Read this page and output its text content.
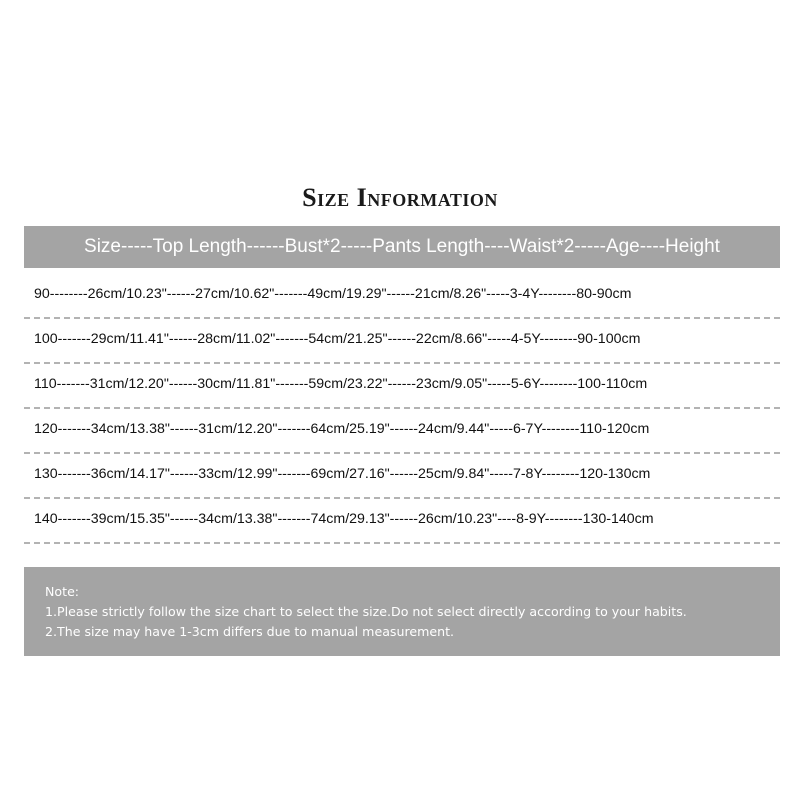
Size Information
Size-----Top Length------Bust*2-----Pants Length----Waist*2-----Age----Height
90--------26cm/10.23"------27cm/10.62"-------49cm/19.29"------21cm/8.26"-----3-4Y--------80-90cm
100-------29cm/11.41"------28cm/11.02"-------54cm/21.25"------22cm/8.66"-----4-5Y--------90-100cm
110-------31cm/12.20"------30cm/11.81"-------59cm/23.22"------23cm/9.05"-----5-6Y--------100-110cm
120-------34cm/13.38"------31cm/12.20"-------64cm/25.19"------24cm/9.44"-----6-7Y--------110-120cm
130-------36cm/14.17"------33cm/12.99"-------69cm/27.16"------25cm/9.84"-----7-8Y--------120-130cm
140-------39cm/15.35"------34cm/13.38"-------74cm/29.13"------26cm/10.23"----8-9Y--------130-140cm
Note:
1.Please strictly follow the size chart to select the size.Do not select directly according to your habits.
2.The size may have 1-3cm differs due to manual measurement.
